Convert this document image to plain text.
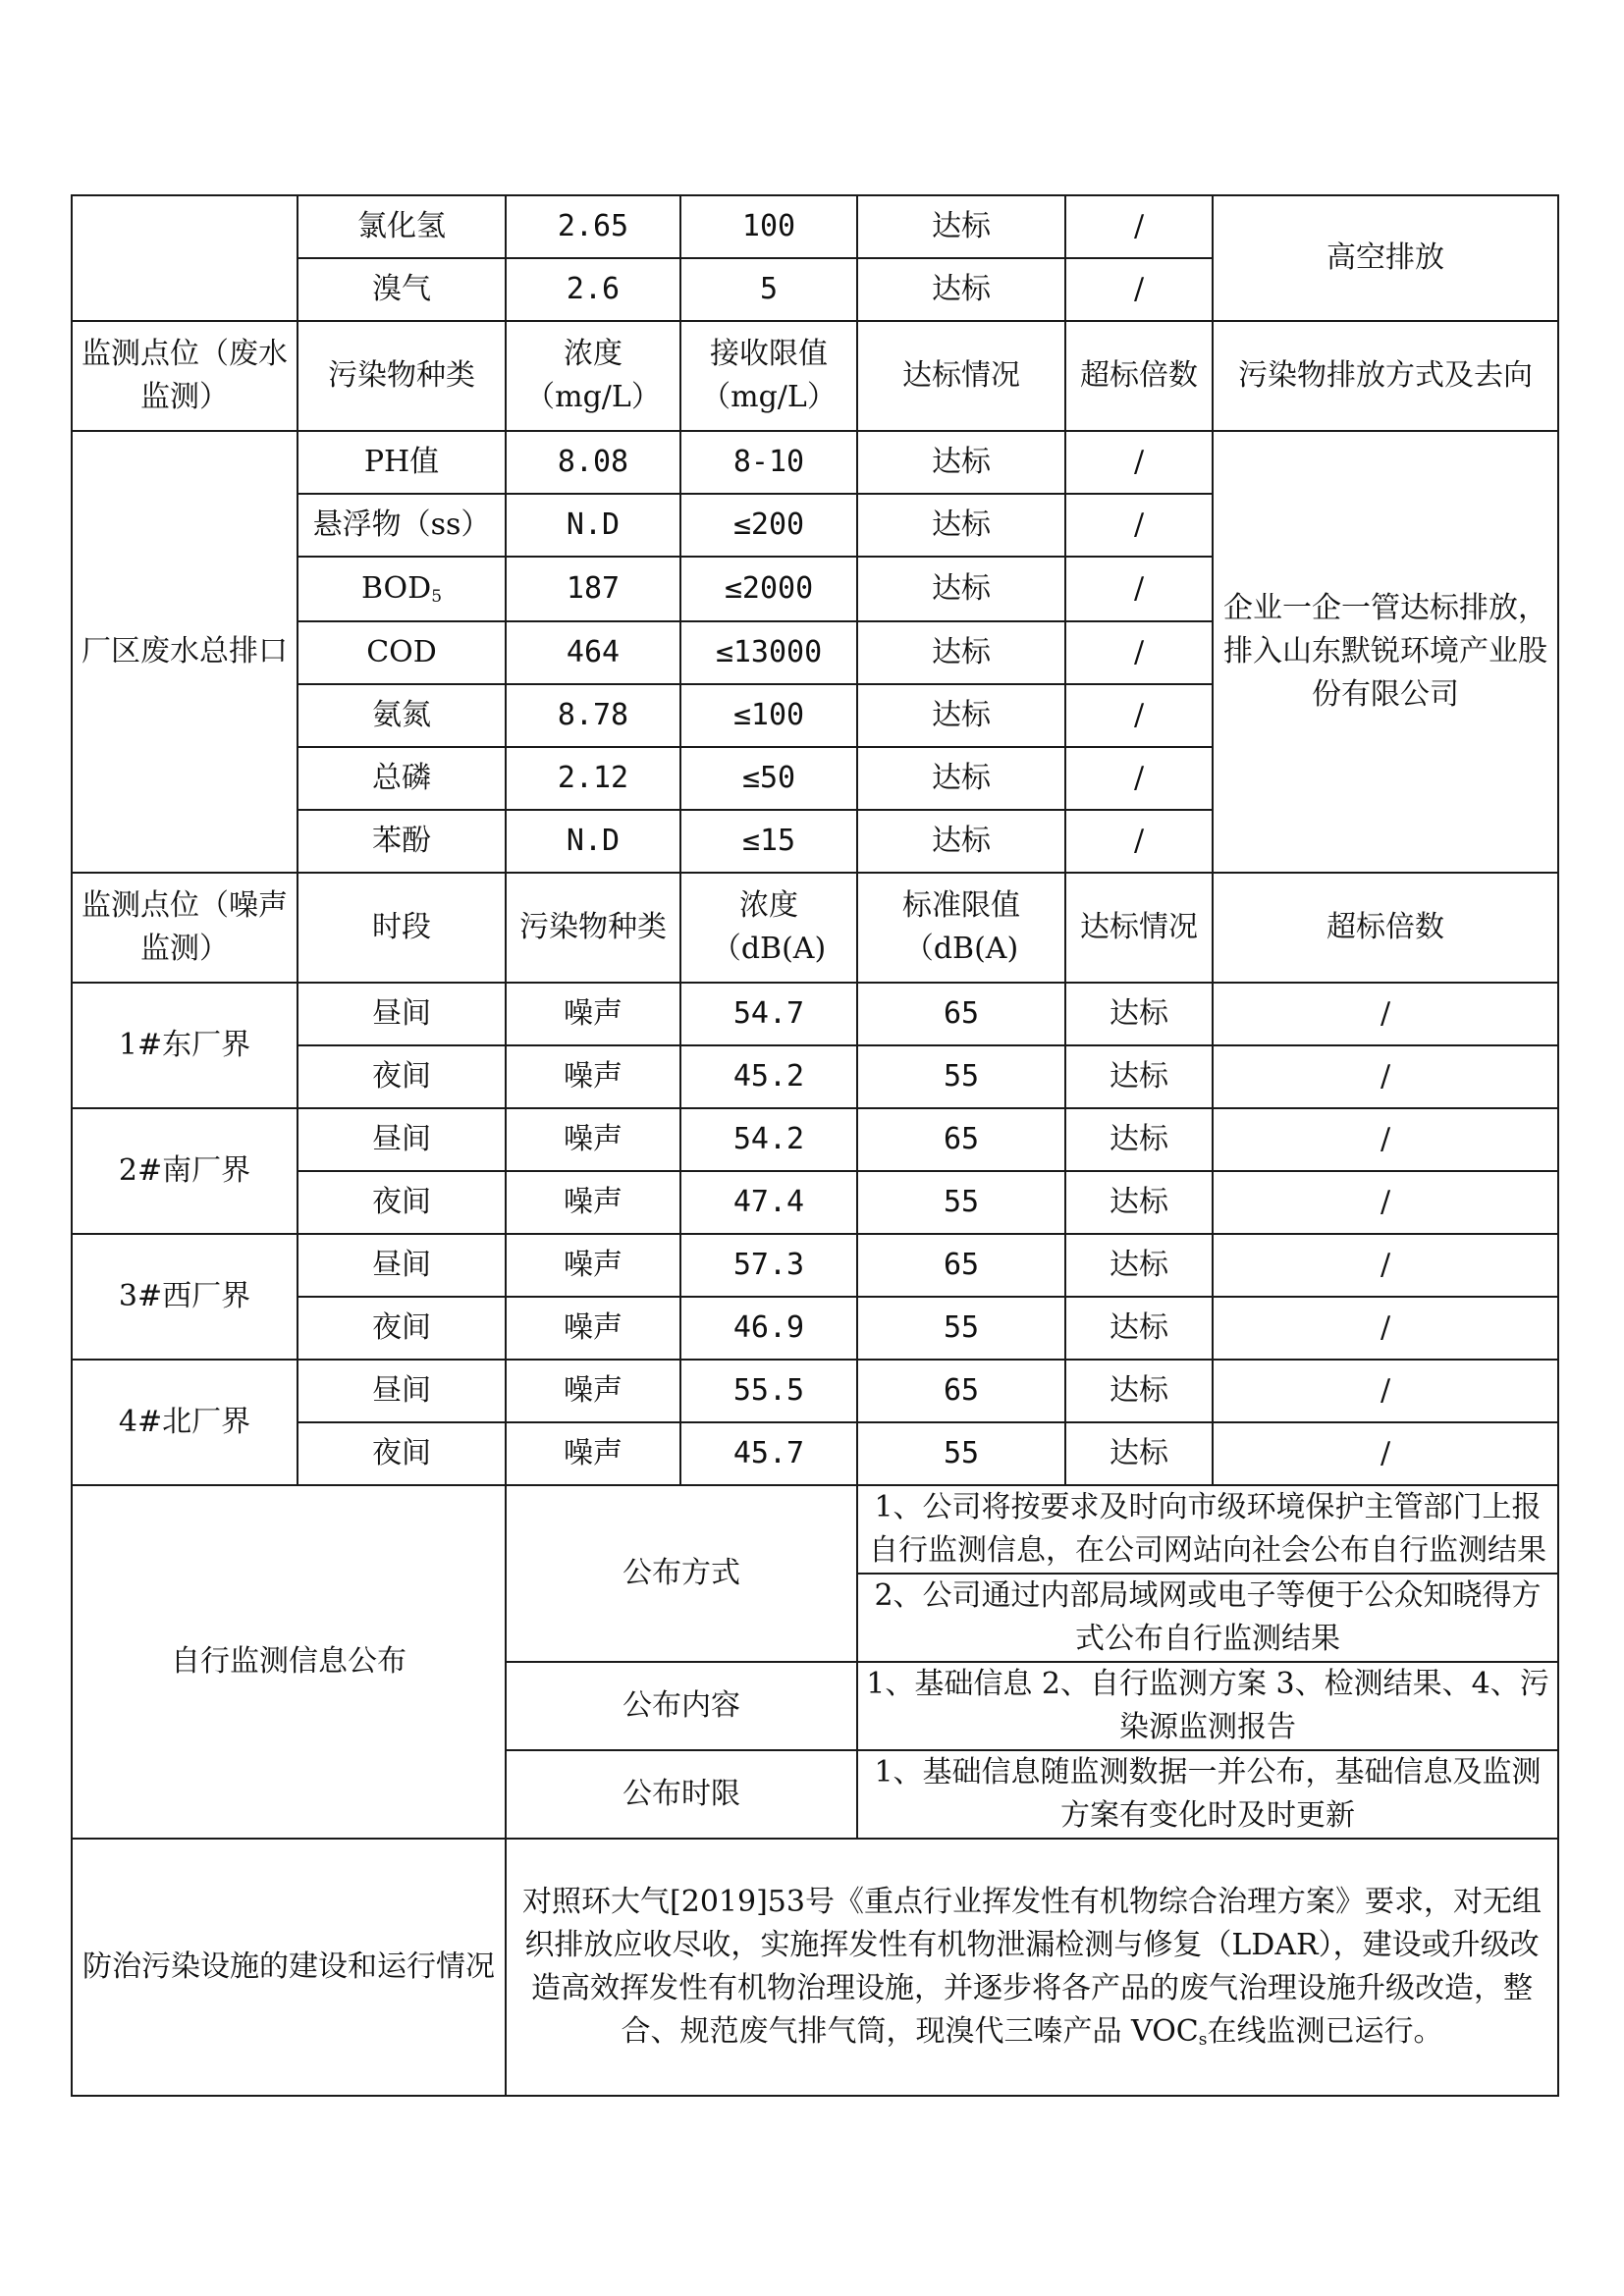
	氯化氢	2.65	100	达标	/	高空排放
	溴气	2.6	5	达标	/	
监测点位（废水监测）	污染物种类	浓度（mg/L）	接收限值（mg/L）	达标情况	超标倍数	污染物排放方式及去向
厂区废水总排口	PH值	8.08	8-10	达标	/	企业一企一管达标排放，排入山东默锐环境产业股份有限公司
	悬浮物（ss）	N.D	≤200	达标	/	
	$BOD_5$	187	≤2000	达标	/	
	COD	464	≤13000	达标	/	
	氨氮	8.78	≤100	达标	/	
	总磷	2.12	≤50	达标	/	
	苯酚	N.D	≤15	达标	/	
监测点位（噪声监测）	时段	污染物种类	浓度（dB(A)	标准限值（dB(A)	达标情况	超标倍数
1#东厂界	昼间	噪声	54.7	65	达标	/
	夜间	噪声	45.2	55	达标	/
2#南厂界	昼间	噪声	54.2	65	达标	/
	夜间	噪声	47.4	55	达标	/
3#西厂界	昼间	噪声	57.3	65	达标	/
	夜间	噪声	46.9	55	达标	/
4#北厂界	昼间	噪声	55.5	65	达标	/
	夜间	噪声	45.7	55	达标	/
自行监测信息公布		公布方式		1、公司将按要求及时向市级环境保护主管部门上报自行监测信息，在公司网站向社会公布自行监测结果		
				2、公司通过内部局域网或电子等便于公众知晓得方式公布自行监测结果		
		公布内容		1、基础信息 2、自行监测方案 3、检测结果、4、污染源监测报告		
		公布时限		1、基础信息随监测数据一并公布，基础信息及监测方案有变化时及时更新		
防治污染设施的建设和运行情况		对照环大气[2019]53号《重点行业挥发性有机物综合治理方案》要求，对无组织排放应收尽收，实施挥发性有机物泄漏检测与修复（LDAR），建设或升级改造高效挥发性有机物治理设施，并逐步将各产品的废气治理设施升级改造，整合、规范废气排气筒，现溴代三嗪产品 $VOC_s$在线监测已运行。				
